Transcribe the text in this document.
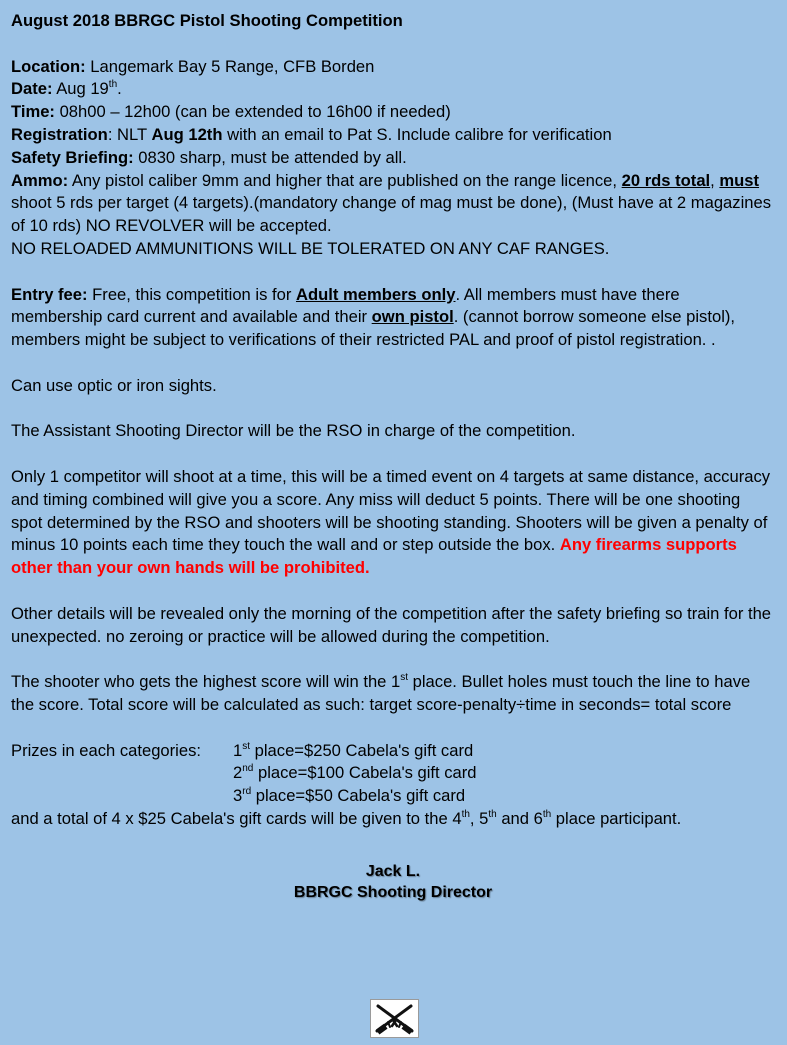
August 2018 BBRGC Pistol Shooting Competition

Location: Langemark Bay 5 Range, CFB Borden

Date: Aug 19th.

Time: 08h00 – 12h00 (can be extended to 16h00 if needed)

Registration: NLT Aug 12th with an email to Pat S. Include calibre for verification

Safety Briefing: 0830 sharp, must be attended by all.

Ammo: Any pistol caliber 9mm and higher that are published on the range licence, 20 rds total, must shoot 5 rds per target (4 targets).(mandatory change of mag must be done), (Must have at 2 magazines of 10 rds) NO REVOLVER will be accepted.

NO RELOADED AMMUNITIONS WILL BE TOLERATED ON ANY CAF RANGES.

Entry fee: Free, this competition is for Adult members only. All members must have there membership card current and available and their own pistol. (cannot borrow someone else pistol), members might be subject to verifications of their restricted PAL and proof of pistol registration. .

Can use optic or iron sights.

The Assistant Shooting Director will be the RSO in charge of the competition.

Only 1 competitor will shoot at a time, this will be a timed event on 4 targets at same distance, accuracy and timing combined will give you a score. Any miss will deduct 5 points. There will be one shooting spot determined by the RSO and shooters will be shooting standing. Shooters will be given a penalty of minus 10 points each time they touch the wall and or step outside the box. Any firearms supports other than your own hands will be prohibited.

Other details will be revealed only the morning of the competition after the safety briefing so train for the unexpected. no zeroing or practice will be allowed during the competition.

The shooter who gets the highest score will win the 1st place. Bullet holes must touch the line to have the score. Total score will be calculated as such: target score-penalty÷time in seconds= total score

Prizes in each categories:	1st place=$250 Cabela's gift card

2nd place=$100 Cabela's gift card

3rd place=$50 Cabela's gift card

and a total of 4 x $25 Cabela's gift cards will be given to the 4th, 5th and 6th place participant.

Jack L.
BBRGC Shooting Director
